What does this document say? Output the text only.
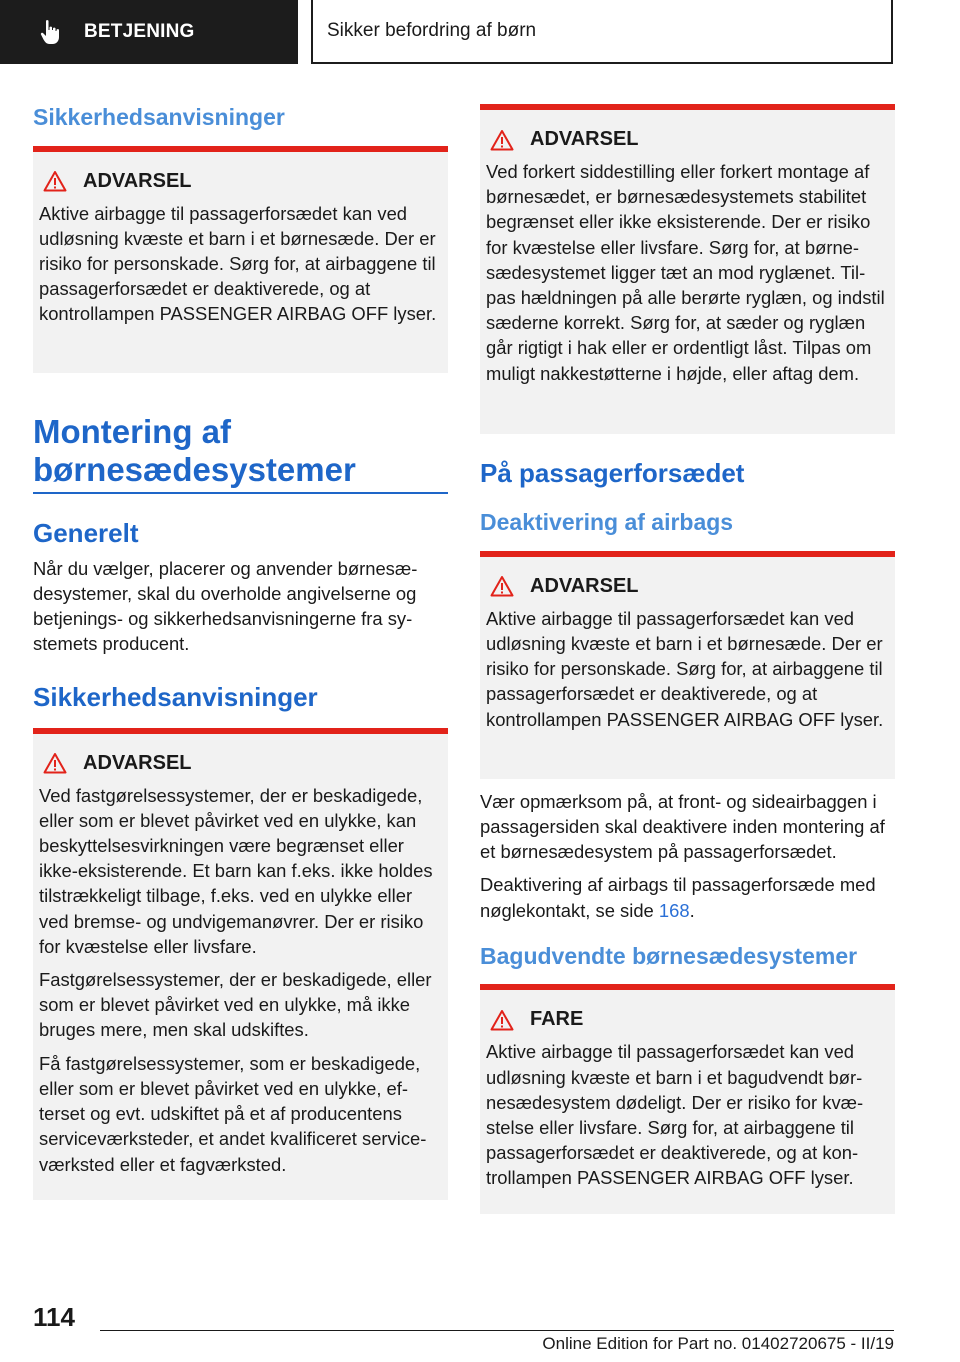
BETJENING	Sikker befordring af børn
Sikkerhedsanvisninger
ADVARSEL

Aktive airbagge til passagerforsædet kan ved udløsning kvæste et barn i et børnesæde. Der er risiko for personskade. Sørg for, at airbaggene til passagerforsædet er deaktiverede, og at kontrollampen PASSENGER AIRBAG OFF lyser.

Montering af børnesædesystemer
Generelt

Når du vælger, placerer og anvender børnesædesystemer, skal du overholde angivelserne og betjenings- og sikkerhedsanvisningerne fra systemets producent.

Sikkerhedsanvisninger
ADVARSEL

Ved fastgørelsessystemer, der er beskadigede, eller som er blevet påvirket ved en ulykke, kan beskyttelsesvirkningen være begrænset eller ikke-eksisterende. Et barn kan f.eks. ikke holdes tilstrækkeligt tilbage, f.eks. ved en ulykke eller ved bremse- og undvigemanøvrer. Der er risiko for kvæstelse eller livsfare.

Fastgørelsessystemer, der er beskadigede, eller som er blevet påvirket ved en ulykke, må ikke bruges mere, men skal udskiftes.

Få fastgørelsessystemer, som er beskadigede, eller som er blevet påvirket ved en ulykke, efterset og evt. udskiftet på et af producentens serviceværksteder, et andet kvalificeret serviceværksted eller et fagværksted.

ADVARSEL

Ved forkert siddestilling eller forkert montage af børnesædet, er børnesædesystemets stabilitet begrænset eller ikke eksisterende. Der er risiko for kvæstelse eller livsfare. Sørg for, at børnesædesystemet ligger tæt an mod ryglænet. Tilpas hældningen på alle berørte ryglæn, og indstil sæderne korrekt. Sørg for, at sæder og ryglæn går rigtigt i hak eller er ordentligt låst. Tilpas om muligt nakkestøtterne i højde, eller aftag dem.

På passagerforsædet
Deaktivering af airbags
ADVARSEL

Aktive airbagge til passagerforsædet kan ved udløsning kvæste et barn i et børnesæde. Der er risiko for personskade. Sørg for, at airbaggene til passagerforsædet er deaktiverede, og at kontrollampen PASSENGER AIRBAG OFF lyser.

Vær opmærksom på, at front- og sideairbaggen i passagersiden skal deaktivere inden montering af et børnesædesystem på passagerforsædet.

Deaktivering af airbags til passagerforsæde med nøglekontakt, se side 168.

Bagudvendte børnesædesystemer
FARE

Aktive airbagge til passagerforsædet kan ved udløsning kvæste et barn i et bagudvendt børnesædesystem dødeligt. Der er risiko for kvæstelse eller livsfare. Sørg for, at airbaggene til passagerforsædet er deaktiverede, og at kontrollampen PASSENGER AIRBAG OFF lyser.

114
Online Edition for Part no. 01402720675 - II/19
